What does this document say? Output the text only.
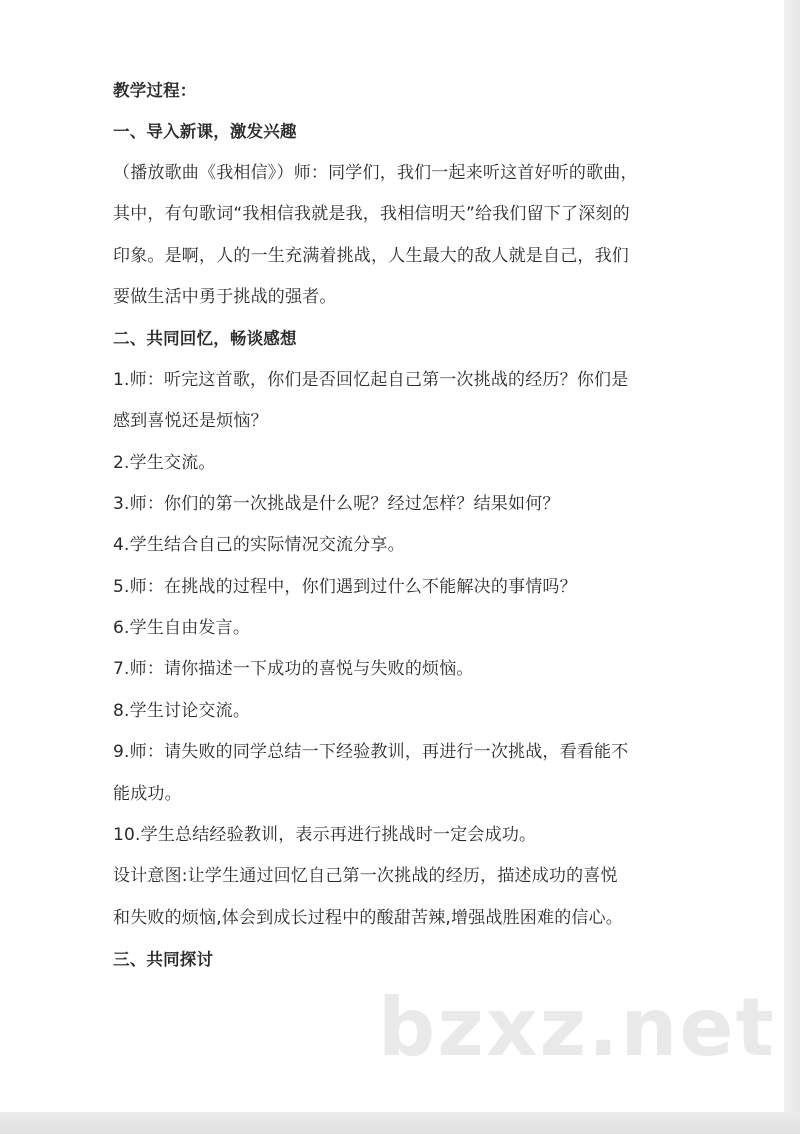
教学过程：
一、导入新课，激发兴趣
（播放歌曲《我相信》）师：同学们，我们一起来听这首好听的歌曲，
其中，有句歌词“我相信我就是我，我相信明天”给我们留下了深刻的
印象。是啊，人的一生充满着挑战，人生最大的敌人就是自己，我们
要做生活中勇于挑战的强者。
二、共同回忆，畅谈感想
1.师：听完这首歌，你们是否回忆起自己第一次挑战的经历？你们是
感到喜悦还是烦恼？
2.学生交流。
3.师：你们的第一次挑战是什么呢？经过怎样？结果如何？
4.学生结合自己的实际情况交流分享。
5.师：在挑战的过程中，你们遇到过什么不能解决的事情吗？
6.学生自由发言。
7.师：请你描述一下成功的喜悦与失败的烦恼。
8.学生讨论交流。
9.师：请失败的同学总结一下经验教训，再进行一次挑战，看看能不
能成功。
10.学生总结经验教训，表示再进行挑战时一定会成功。
设计意图:让学生通过回忆自己第一次挑战的经历，描述成功的喜悦
和失败的烦恼,体会到成长过程中的酸甜苦辣,增强战胜困难的信心。
三、共同探讨
bzxz.net
